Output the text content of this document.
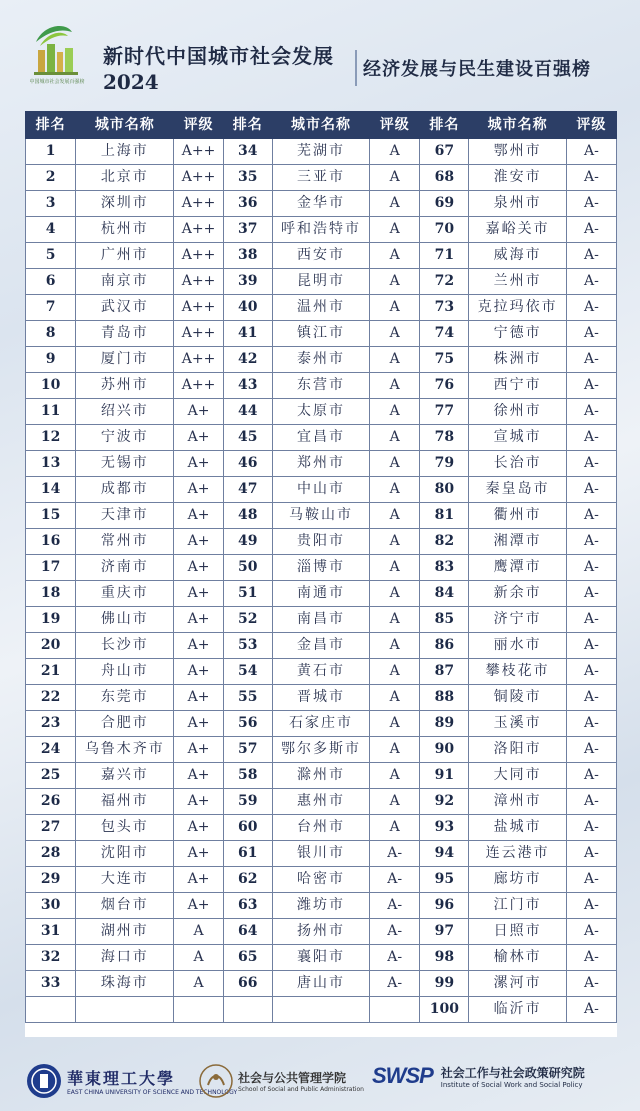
中国城市社会发展百强榜
新时代中国城市社会发展
2024
经济发展与民生建设百强榜
排名	城市名称	评级	排名	城市名称	评级	排名	城市名称	评级
1	上海市	A++	34	芜湖市	A	67	鄂州市	A-
2	北京市	A++	35	三亚市	A	68	淮安市	A-
3	深圳市	A++	36	金华市	A	69	泉州市	A-
4	杭州市	A++	37	呼和浩特市	A	70	嘉峪关市	A-
5	广州市	A++	38	西安市	A	71	威海市	A-
6	南京市	A++	39	昆明市	A	72	兰州市	A-
7	武汉市	A++	40	温州市	A	73	克拉玛依市	A-
8	青岛市	A++	41	镇江市	A	74	宁德市	A-
9	厦门市	A++	42	泰州市	A	75	株洲市	A-
10	苏州市	A++	43	东营市	A	76	西宁市	A-
11	绍兴市	A+	44	太原市	A	77	徐州市	A-
12	宁波市	A+	45	宜昌市	A	78	宣城市	A-
13	无锡市	A+	46	郑州市	A	79	长治市	A-
14	成都市	A+	47	中山市	A	80	秦皇岛市	A-
15	天津市	A+	48	马鞍山市	A	81	衢州市	A-
16	常州市	A+	49	贵阳市	A	82	湘潭市	A-
17	济南市	A+	50	淄博市	A	83	鹰潭市	A-
18	重庆市	A+	51	南通市	A	84	新余市	A-
19	佛山市	A+	52	南昌市	A	85	济宁市	A-
20	长沙市	A+	53	金昌市	A	86	丽水市	A-
21	舟山市	A+	54	黄石市	A	87	攀枝花市	A-
22	东莞市	A+	55	晋城市	A	88	铜陵市	A-
23	合肥市	A+	56	石家庄市	A	89	玉溪市	A-
24	乌鲁木齐市	A+	57	鄂尔多斯市	A	90	洛阳市	A-
25	嘉兴市	A+	58	滁州市	A	91	大同市	A-
26	福州市	A+	59	惠州市	A	92	漳州市	A-
27	包头市	A+	60	台州市	A	93	盐城市	A-
28	沈阳市	A+	61	银川市	A-	94	连云港市	A-
29	大连市	A+	62	哈密市	A-	95	廊坊市	A-
30	烟台市	A+	63	潍坊市	A-	96	江门市	A-
31	湖州市	A	64	扬州市	A-	97	日照市	A-
32	海口市	A	65	襄阳市	A-	98	榆林市	A-
33	珠海市	A	66	唐山市	A-	99	漯河市	A-
						100	临沂市	A-
華東理工大學
EAST CHINA UNIVERSITY OF SCIENCE AND TECHNOLOGY
社会与公共管理学院
School of Social and Public Administration
SWSP 社会工作与社会政策研究院
Institute of Social Work and Social Policy
